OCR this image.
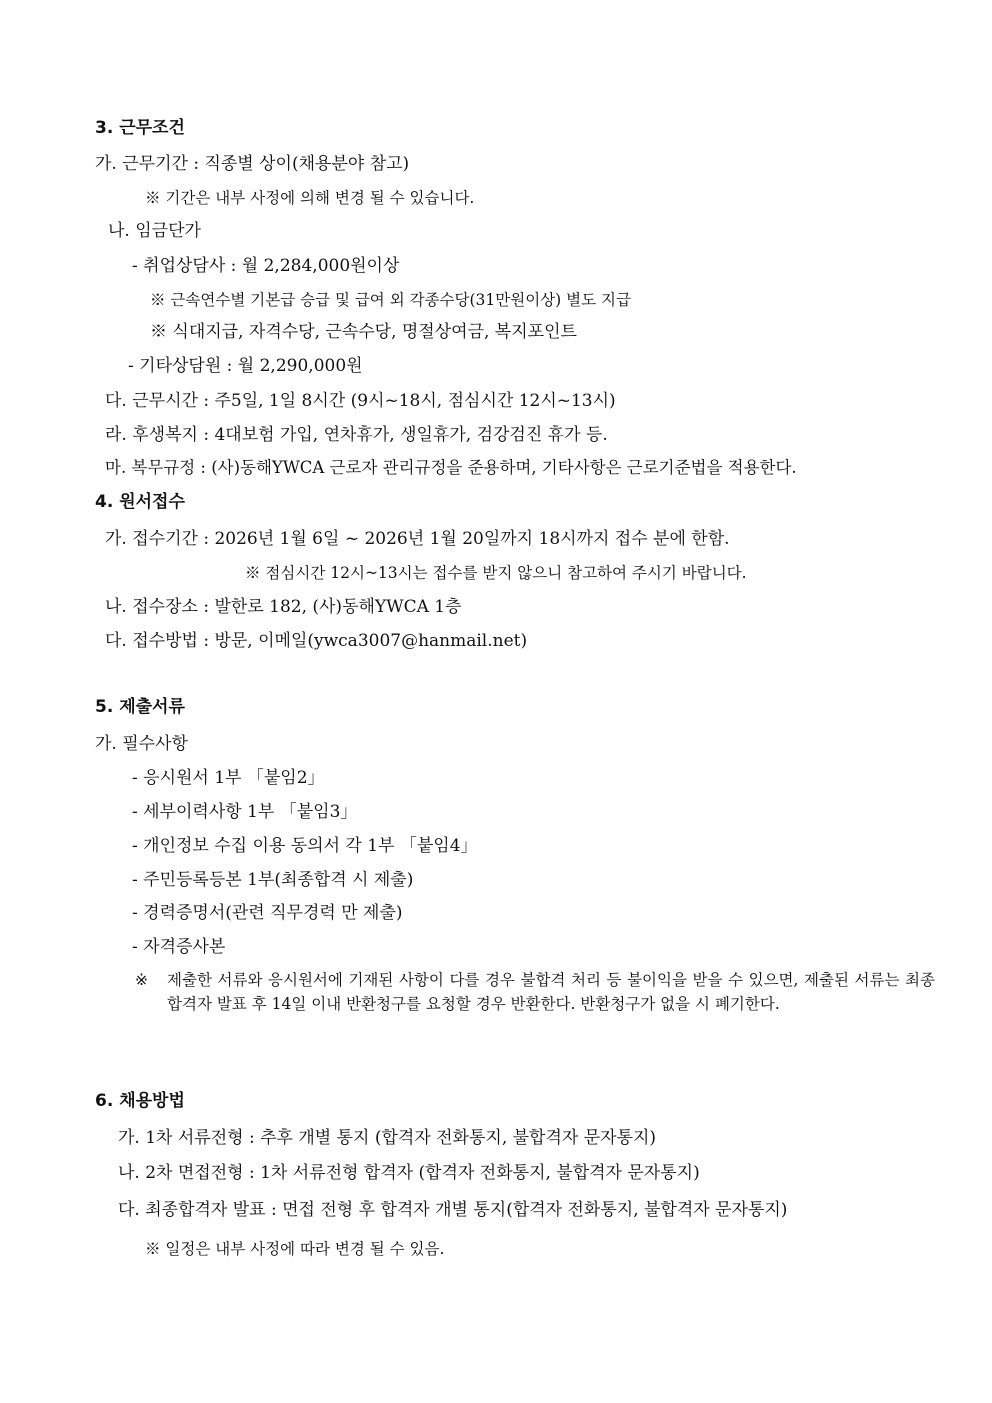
3. 근무조건
가. 근무기간 : 직종별 상이(채용분야 참고)
※ 기간은 내부 사정에 의해 변경 될 수 있습니다.
나. 임금단가
- 취업상담사 : 월 2,284,000원이상
※ 근속연수별 기본급 승급 및 급여 외 각종수당(31만원이상) 별도 지급
※ 식대지급, 자격수당, 근속수당, 명절상여금, 복지포인트
- 기타상담원 : 월 2,290,000원
다. 근무시간 : 주5일, 1일 8시간 (9시~18시, 점심시간 12시~13시)
라. 후생복지 : 4대보험 가입, 연차휴가, 생일휴가, 검강검진 휴가 등.
마. 복무규정 : (사)동해YWCA 근로자 관리규정을 준용하며, 기타사항은 근로기준법을 적용한다.
4. 원서접수
가. 접수기간 : 2026년 1월 6일 ~ 2026년 1월 20일까지 18시까지 접수 분에 한함.
※ 점심시간 12시~13시는 접수를 받지 않으니 참고하여 주시기 바랍니다.
나. 접수장소 : 발한로 182, (사)동해YWCA 1층
다. 접수방법 : 방문, 이메일(ywca3007@hanmail.net)
5. 제출서류
가. 필수사항
- 응시원서 1부 「붙임2」
- 세부이력사항 1부 「붙임3」
- 개인정보 수집 이용 동의서 각 1부 「붙임4」
- 주민등록등본 1부(최종합격 시 제출)
- 경력증명서(관련 직무경력 만 제출)
- 자격증사본
※ 제출한 서류와 응시원서에 기재된 사항이 다를 경우 불합격 처리 등 불이익을 받을 수 있으면, 제출된 서류는 최종 합격자 발표 후 14일 이내 반환청구를 요청할 경우 반환한다. 반환청구가 없을 시 폐기한다.
6. 채용방법
가. 1차 서류전형 : 추후 개별 통지 (합격자 전화통지, 불합격자 문자통지)
나. 2차 면접전형 : 1차 서류전형 합격자 (합격자 전화통지, 불합격자 문자통지)
다. 최종합격자 발표 : 면접 전형 후 합격자 개별 통지(합격자 전화통지, 불합격자 문자통지)
※ 일정은 내부 사정에 따라 변경 될 수 있음.
